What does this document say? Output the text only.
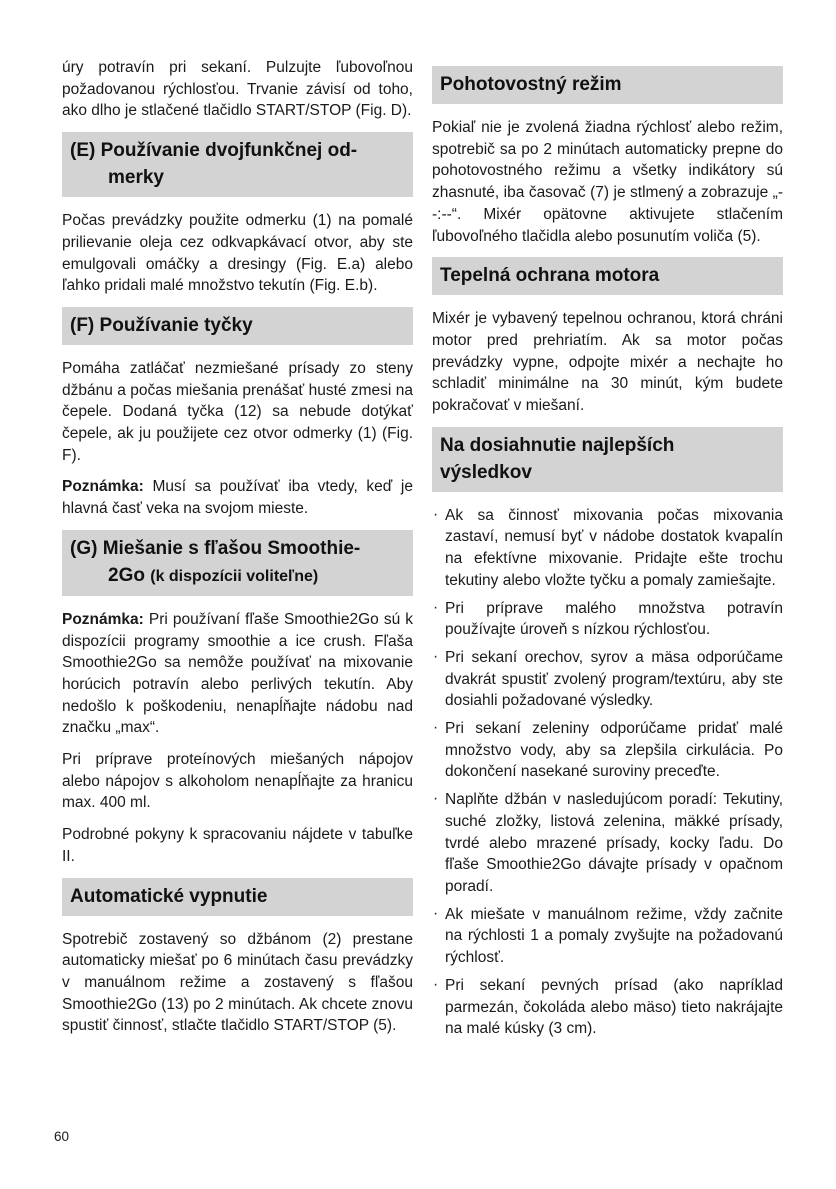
úry potravín pri sekaní. Pulzujte ľubovoľnou požadovanou rýchlosťou. Trvanie závisí od toho, ako dlho je stlačené tlačidlo START/STOP (Fig. D).

(E) Používanie dvojfunkčnej od-
merky

Počas prevádzky použite odmerku (1) na pomalé prilievanie oleja cez odkvapkávací otvor, aby ste emulgovali omáčky a dresingy (Fig. E.a) alebo ľahko pridali malé množstvo tekutín (Fig. E.b).

(F) Používanie tyčky

Pomáha zatláčať nezmiešané prísady zo steny džbánu a počas miešania prenášať husté zmesi na čepele. Dodaná tyčka (12) sa nebude dotýkať čepele, ak ju použijete cez otvor odmerky (1) (Fig. F).

Poznámka: Musí sa používať iba vtedy, keď je hlavná časť veka na svojom mieste.

(G) Miešanie s fľašou Smoothie-
2Go (k dispozícii voliteľne)

Poznámka: Pri používaní fľaše Smoothie2Go sú k dispozícii programy smoothie a ice crush. Fľaša Smoothie2Go sa nemôže používať na mixovanie horúcich potravín alebo perlivých tekutín. Aby nedošlo k poškodeniu, nenapĺňajte nádobu nad značku „max“.

Pri príprave proteínových miešaných nápojov alebo nápojov s alkoholom nenapĺňajte za hranicu max. 400 ml.

Podrobné pokyny k spracovaniu nájdete v tabuľke II.

Automatické vypnutie

Spotrebič zostavený so džbánom (2) prestane automaticky miešať po 6 minútach času prevádzky v manuálnom režime a zostavený s fľašou Smoothie2Go (13) po 2 minútach. Ak chcete znovu spustiť činnosť, stlačte tlačidlo START/STOP (5).

Pohotovostný režim

Pokiaľ nie je zvolená žiadna rýchlosť alebo režim, spotrebič sa po 2 minútach automaticky prepne do pohotovostného režimu a všetky indikátory sú zhasnuté, iba časovač (7) je stlmený a zobrazuje „--:--“. Mixér opätovne aktivujete stlačením ľubovoľného tlačidla alebo posunutím voliča (5).

Tepelná ochrana motora

Mixér je vybavený tepelnou ochranou, ktorá chráni motor pred prehriatím. Ak sa motor počas prevádzky vypne, odpojte mixér a nechajte ho schladiť minimálne na 30 minút, kým budete pokračovať v miešaní.

Na dosiahnutie najlepších
výsledkov
· Ak sa činnosť mixovania počas mixovania zastaví, nemusí byť v nádobe dostatok kvapalín na efektívne mixovanie. Pridajte ešte trochu tekutiny alebo vložte tyčku a pomaly zamiešajte.
· Pri príprave malého množstva potravín používajte úroveň s nízkou rýchlosťou.
· Pri sekaní orechov, syrov a mäsa odporúčame dvakrát spustiť zvolený program/textúru, aby ste dosiahli požadované výsledky.
· Pri sekaní zeleniny odporúčame pridať malé množstvo vody, aby sa zlepšila cirkulácia. Po dokončení nasekané suroviny preceďte.
· Naplňte džbán v nasledujúcom poradí: Tekutiny, suché zložky, listová zelenina, mäkké prísady, tvrdé alebo mrazené prísady, kocky ľadu. Do fľaše Smoothie2Go dávajte prísady v opačnom poradí.
· Ak miešate v manuálnom režime, vždy začnite na rýchlosti 1 a pomaly zvyšujte na požadovanú rýchlosť.
· Pri sekaní pevných prísad (ako napríklad parmezán, čokoláda alebo mäso) tieto nakrájajte na malé kúsky (3 cm).
60
